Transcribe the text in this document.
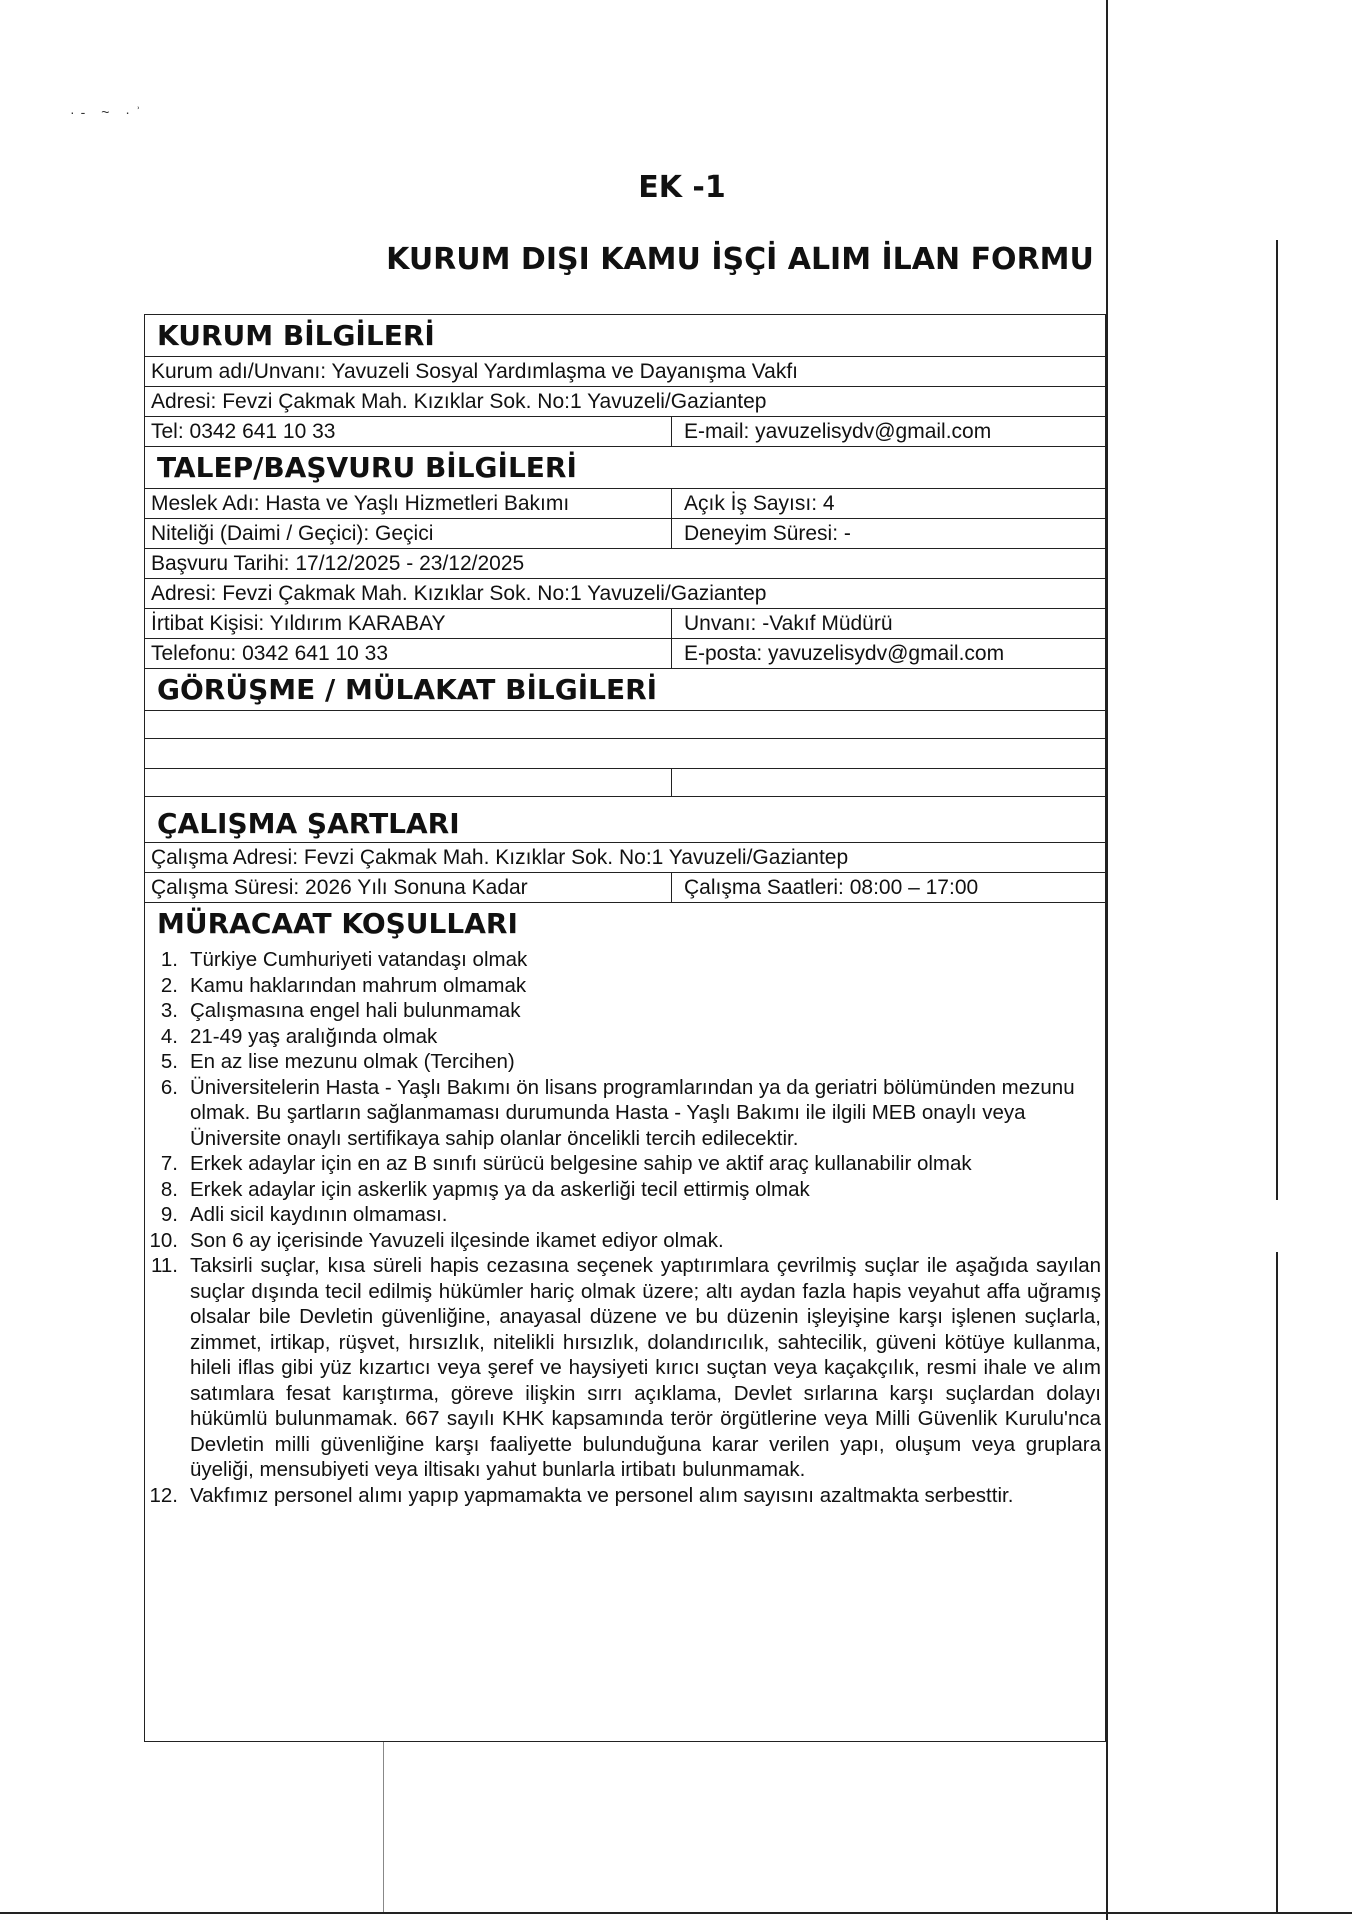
·‑ ~ ·ʾ
EK -1
KURUM DIŞI KAMU İŞÇİ ALIM İLAN FORMU
KURUM BİLGİLERİ
Kurum adı/Unvanı: Yavuzeli Sosyal Yardımlaşma ve Dayanışma Vakfı
Adresi: Fevzi Çakmak Mah. Kızıklar Sok. No:1 Yavuzeli/Gaziantep
Tel: 0342 641 10 33	E-mail: yavuzelisydv@gmail.com
TALEP/BAŞVURU BİLGİLERİ
Meslek Adı: Hasta ve Yaşlı Hizmetleri Bakımı	Açık İş Sayısı: 4
Niteliği (Daimi / Geçici): Geçici	Deneyim Süresi: -
Başvuru Tarihi: 17/12/2025 - 23/12/2025
Adresi: Fevzi Çakmak Mah. Kızıklar Sok. No:1 Yavuzeli/Gaziantep
İrtibat Kişisi: Yıldırım KARABAY	Unvanı: -Vakıf Müdürü
Telefonu: 0342 641 10 33	E-posta: yavuzelisydv@gmail.com
GÖRÜŞME / MÜLAKAT BİLGİLERİ
ÇALIŞMA ŞARTLARI
Çalışma Adresi: Fevzi Çakmak Mah. Kızıklar Sok. No:1 Yavuzeli/Gaziantep
Çalışma Süresi: 2026 Yılı Sonuna Kadar	Çalışma Saatleri: 08:00 – 17:00
MÜRACAAT KOŞULLARI
1. Türkiye Cumhuriyeti vatandaşı olmak
2. Kamu haklarından mahrum olmamak
3. Çalışmasına engel hali bulunmamak
4. 21-49 yaş aralığında olmak
5. En az lise mezunu olmak (Tercihen)
6. Üniversitelerin Hasta - Yaşlı Bakımı ön lisans programlarından ya da geriatri bölümünden mezunu olmak. Bu şartların sağlanmaması durumunda Hasta - Yaşlı Bakımı ile ilgili MEB onaylı veya Üniversite onaylı sertifikaya sahip olanlar öncelikli tercih edilecektir.
7. Erkek adaylar için en az B sınıfı sürücü belgesine sahip ve aktif araç kullanabilir olmak
8. Erkek adaylar için askerlik yapmış ya da askerliği tecil ettirmiş olmak
9. Adli sicil kaydının olmaması.
10. Son 6 ay içerisinde Yavuzeli ilçesinde ikamet ediyor olmak.
11. Taksirli suçlar, kısa süreli hapis cezasına seçenek yaptırımlara çevrilmiş suçlar ile aşağıda sayılan suçlar dışında tecil edilmiş hükümler hariç olmak üzere; altı aydan fazla hapis veyahut affa uğramış olsalar bile Devletin güvenliğine, anayasal düzene ve bu düzenin işleyişine karşı işlenen suçlarla, zimmet, irtikap, rüşvet, hırsızlık, nitelikli hırsızlık, dolandırıcılık, sahtecilik, güveni kötüye kullanma, hileli iflas gibi yüz kızartıcı veya şeref ve haysiyeti kırıcı suçtan veya kaçakçılık, resmi ihale ve alım satımlara fesat karıştırma, göreve ilişkin sırrı açıklama, Devlet sırlarına karşı suçlardan dolayı hükümlü bulunmamak. 667 sayılı KHK kapsamında terör örgütlerine veya Milli Güvenlik Kurulu'nca Devletin milli güvenliğine karşı faaliyette bulunduğuna karar verilen yapı, oluşum veya gruplara üyeliği, mensubiyeti veya iltisakı yahut bunlarla irtibatı bulunmamak.
12. Vakfımız personel alımı yapıp yapmamakta ve personel alım sayısını azaltmakta serbesttir.
